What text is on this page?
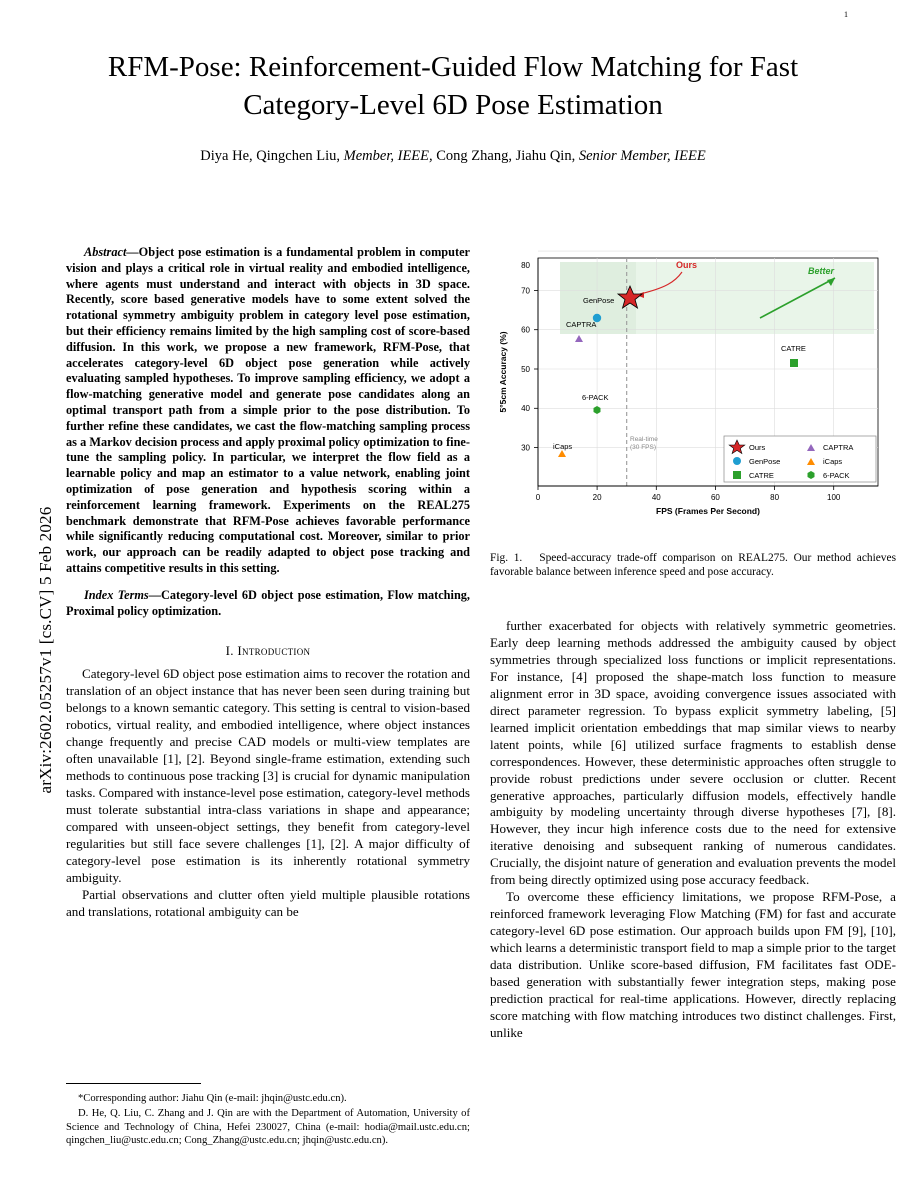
1
arXiv:2602.05257v1 [cs.CV] 5 Feb 2026
RFM-Pose: Reinforcement-Guided Flow Matching for Fast Category-Level 6D Pose Estimation
Diya He, Qingchen Liu, Member, IEEE, Cong Zhang, Jiahu Qin, Senior Member, IEEE
Abstract—Object pose estimation is a fundamental problem in computer vision and plays a critical role in virtual reality and embodied intelligence, where agents must understand and interact with objects in 3D space. Recently, score based generative models have to some extent solved the rotational symmetry ambiguity problem in category level pose estimation, but their efficiency remains limited by the high sampling cost of score-based diffusion. In this work, we propose a new framework, RFM-Pose, that accelerates category-level 6D object pose generation while actively evaluating sampled hypotheses. To improve sampling efficiency, we adopt a flow-matching generative model and generate pose candidates along an optimal transport path from a simple prior to the pose distribution. To further refine these candidates, we cast the flow-matching sampling process as a Markov decision process and apply proximal policy optimization to fine-tune the sampling policy. In particular, we interpret the flow field as a learnable policy and map an estimator to a value network, enabling joint optimization of pose generation and hypothesis scoring within a reinforcement learning framework. Experiments on the REAL275 benchmark demonstrate that RFM-Pose achieves favorable performance while significantly reducing computational cost. Moreover, similar to prior work, our approach can be readily adapted to object pose tracking and attains competitive results in this setting.
Index Terms—Category-level 6D object pose estimation, Flow matching, Proximal policy optimization.
I. Introduction

Category-level 6D object pose estimation aims to recover the rotation and translation of an object instance that has never been seen during training but belongs to a known semantic category. This setting is central to vision-based robotics, virtual reality, and embodied intelligence, where object instances change frequently and precise CAD models or multi-view templates are often unavailable [1], [2]. Beyond single-frame estimation, extending such methods to continuous pose tracking [3] is crucial for dynamic manipulation tasks. Compared with instance-level pose estimation, category-level methods must tolerate substantial intra-class variations in shape and appearance; compared with unseen-object settings, they benefit from category-level regularities but still face severe challenges [1], [2]. A major difficulty of category-level pose estimation is its inherently rotational symmetry ambiguity.

Partial observations and clutter often yield multiple plausible rotations and translations, rotational ambiguity can be

*Corresponding author: Jiahu Qin (e-mail: jhqin@ustc.edu.cn).

D. He, Q. Liu, C. Zhang and J. Qin are with the Department of Automation, University of Science and Technology of China, Hefei 230027, China (e-mail: hodia@mail.ustc.edu.cn; qingchen_liu@ustc.edu.cn; Cong_Zhang@ustc.edu.cn; jhqin@ustc.edu.cn).

Real-time
(30 FPS)
Better
Ours
GenPose
CAPTRA
CATRE
6-PACK
iCaps	Ours
GenPose
CATRE
CAPTRA
iCaps
6-PACK
0	20	40	60	80	100
FPS (Frames Per Second)
30
40
50
60
70
80
5°5cm Accuracy (%)
Fig. 1. Speed-accuracy trade-off comparison on REAL275. Our method achieves favorable balance between inference speed and pose accuracy.

further exacerbated for objects with relatively symmetric geometries. Early deep learning methods addressed the ambiguity caused by object symmetries through specialized loss functions or implicit representations. For instance, [4] proposed the shape-match loss function to measure alignment error in 3D space, avoiding convergence issues associated with direct parameter regression. To bypass explicit symmetry labeling, [5] learned implicit orientation embeddings that map similar views to nearby latent points, while [6] utilized surface fragments to establish dense correspondences. However, these deterministic approaches often struggle to provide robust predictions under severe occlusion or clutter. Recent generative approaches, particularly diffusion models, effectively handle ambiguity by modeling uncertainty through diverse hypotheses [7], [8]. However, they incur high inference costs due to the need for extensive iterative denoising and subsequent ranking of numerous candidates. Crucially, the disjoint nature of generation and evaluation prevents the model from being directly optimized using pose accuracy feedback.

To overcome these efficiency limitations, we propose RFM-Pose, a reinforced framework leveraging Flow Matching (FM) for fast and accurate category-level 6D pose estimation. Our approach builds upon FM [9], [10], which learns a deterministic transport field to map a simple prior to the target data distribution. Unlike score-based diffusion, FM facilitates fast ODE-based generation with substantially fewer integration steps, making pose prediction practical for real-time applications. However, directly replacing score matching with flow matching introduces two distinct challenges. First, unlike
